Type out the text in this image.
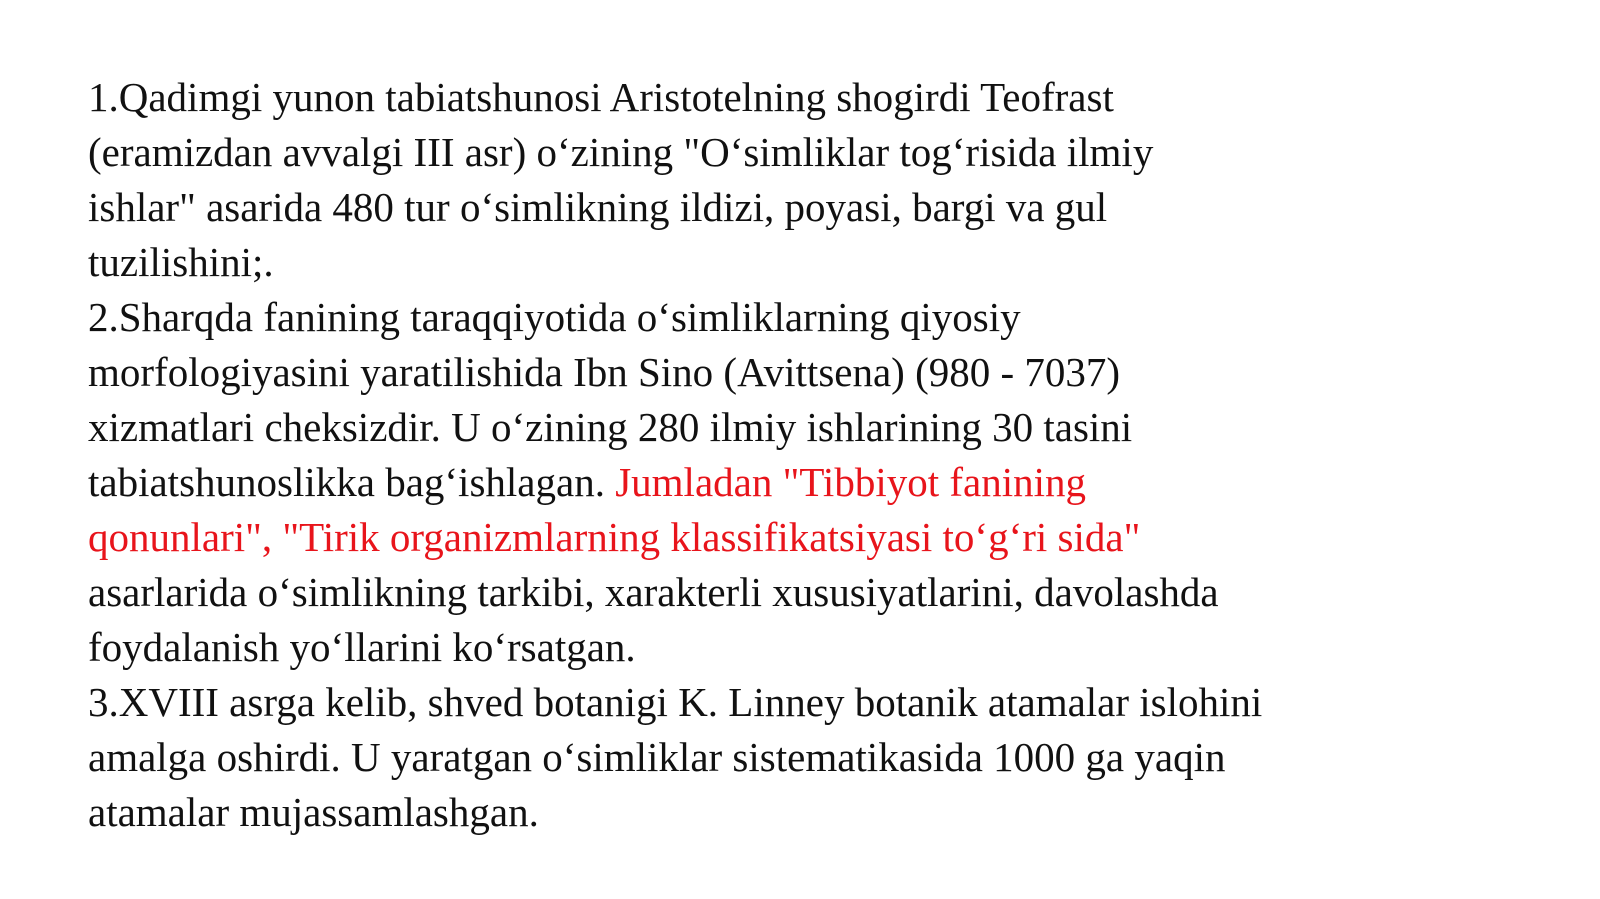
1.Qadimgi yunon tabiatshunosi Aristotelning shogirdi Teofrast
(eramizdan avvalgi III asr) o‘zining "O‘simliklar tog‘risida ilmiy
ishlar" asarida 480 tur o‘simlikning ildizi, poyasi, bargi va gul
tuzilishini;.
2.Sharqda fanining taraqqiyotida o‘simliklarning qiyosiy
morfologiyasini yaratilishida Ibn Sino (Avittsena) (980 - 7037)
xizmatlari cheksizdir. U o‘zining 280 ilmiy ishlarining 30 tasini
tabiatshunoslikka bag‘ishlagan. Jumladan "Tibbiyot fanining
qonunlari", "Tirik organizmlarning klassifikatsiyasi to‘g‘ri sida"
asarlarida o‘simlikning tarkibi, xarakterli xususiyatlarini, davolashda
foydalanish yo‘llarini ko‘rsatgan.
3.XVIII asrga kelib, shved botanigi K. Linney botanik atamalar islohini
amalga oshirdi. U yaratgan o‘simliklar sistematikasida 1000 ga yaqin
atamalar mujassamlashgan.
